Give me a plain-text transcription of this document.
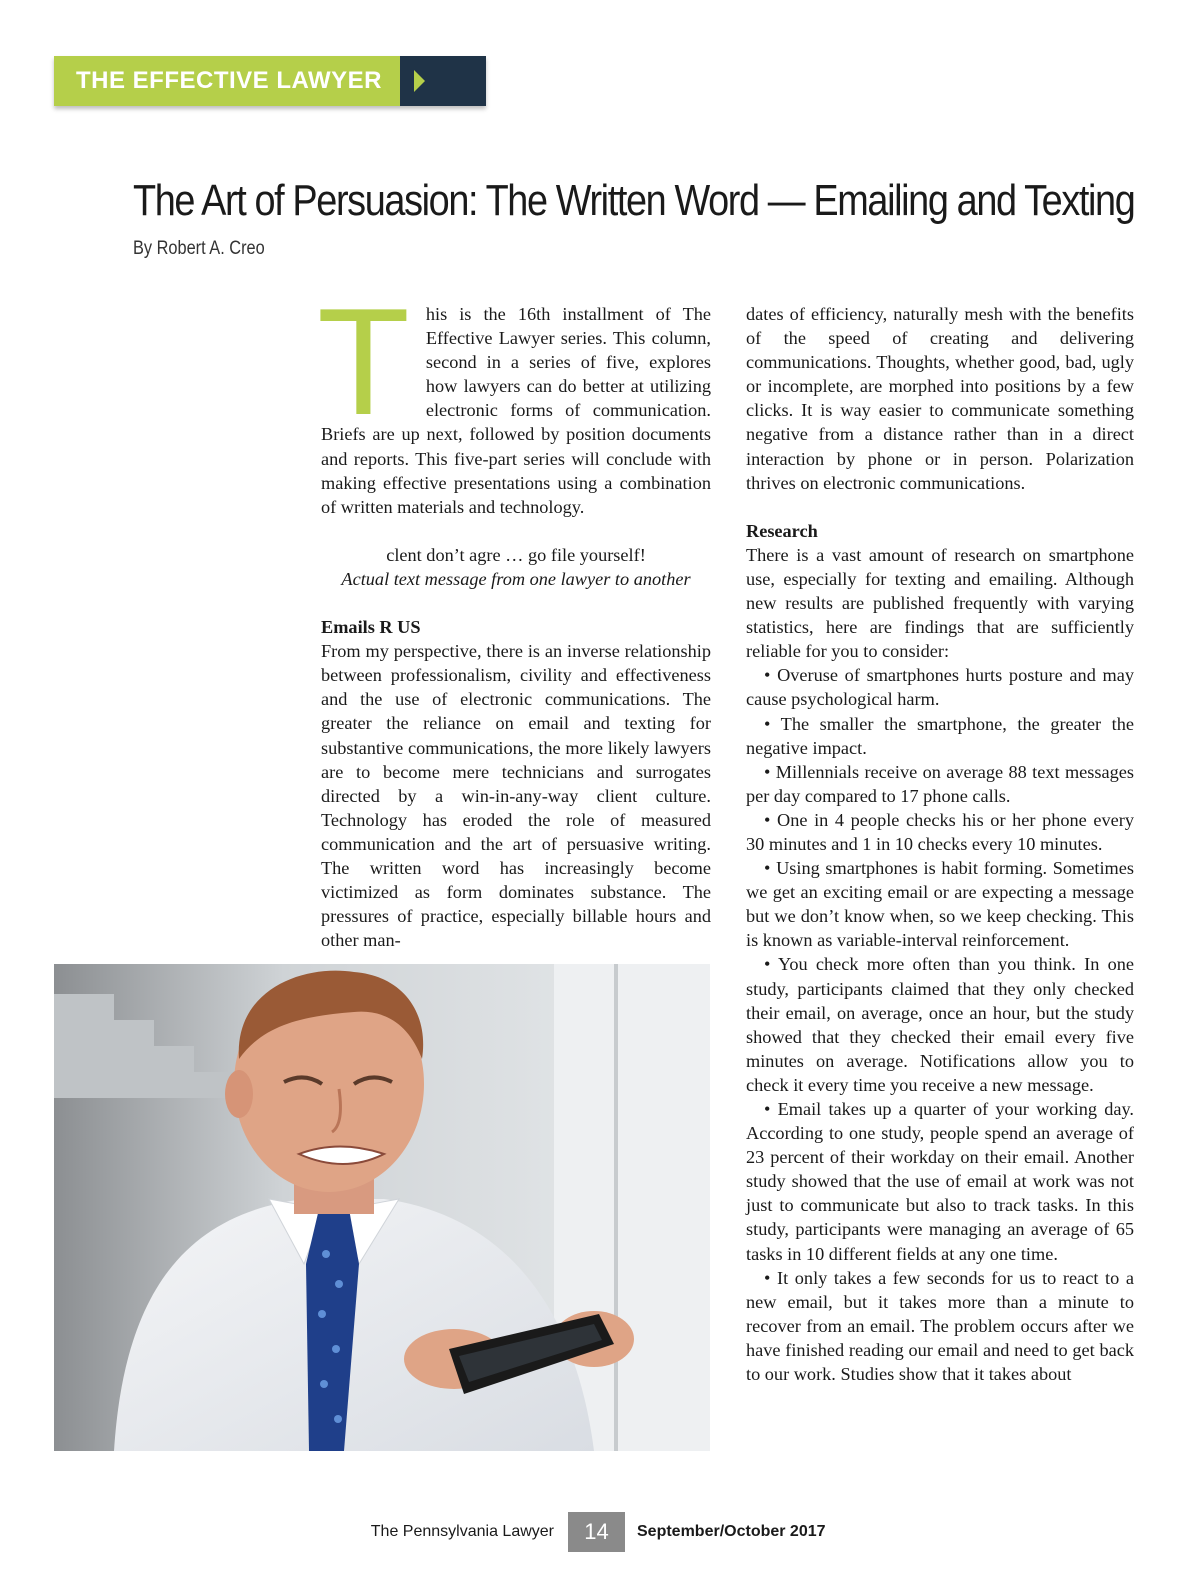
THE EFFECTIVE LAWYER
The Art of Persuasion: The Written Word — Emailing and Texting
By Robert A. Creo

This is the 16th installment of The Effective Lawyer series. This column, second in a series of five, explores how lawyers can do better at utilizing electronic forms of communication. Briefs are up next, followed by position documents and reports. This five-part series will conclude with making effective presentations using a combination of written materials and technology.

clent don’t agre … go file yourself!

Actual text message from one lawyer to another

Emails R US

From my perspective, there is an inverse relationship between professionalism, civility and effectiveness and the use of electronic communications. The greater the reliance on email and texting for substantive communications, the more likely lawyers are to become mere technicians and surrogates directed by a win-in-any-way client culture. Technology has eroded the role of measured communication and the art of persuasive writing. The written word has increasingly become victimized as form dominates substance. The pressures of practice, especially billable hours and other man-

dates of efficiency, naturally mesh with the benefits of the speed of creating and delivering communications. Thoughts, whether good, bad, ugly or incomplete, are morphed into positions by a few clicks. It is way easier to communicate something negative from a distance rather than in a direct interaction by phone or in person. Polarization thrives on electronic communications.

Research

There is a vast amount of research on smartphone use, especially for texting and emailing. Although new results are published frequently with varying statistics, here are findings that are sufficiently reliable for you to consider:

• Overuse of smartphones hurts posture and may cause psychological harm.

• The smaller the smartphone, the greater the negative impact.

• Millennials receive on average 88 text messages per day compared to 17 phone calls.

• One in 4 people checks his or her phone every 30 minutes and 1 in 10 checks every 10 minutes.

• Using smartphones is habit forming. Sometimes we get an exciting email or are expecting a message but we don’t know when, so we keep checking. This is known as variable-interval reinforcement.

• You check more often than you think. In one study, participants claimed that they only checked their email, on average, once an hour, but the study showed that they checked their email every five minutes on average. Notifications allow you to check it every time you receive a new message.

• Email takes up a quarter of your working day. According to one study, people spend an average of 23 percent of their workday on their email. Another study showed that the use of email at work was not just to communicate but also to track tasks. In this study, participants were managing an average of 65 tasks in 10 different fields at any one time.

• It only takes a few seconds for us to react to a new email, but it takes more than a minute to recover from an email. The problem occurs after we have finished reading our email and need to get back to our work. Studies show that it takes about

The Pennsylvania Lawyer	14	September/October 2017
